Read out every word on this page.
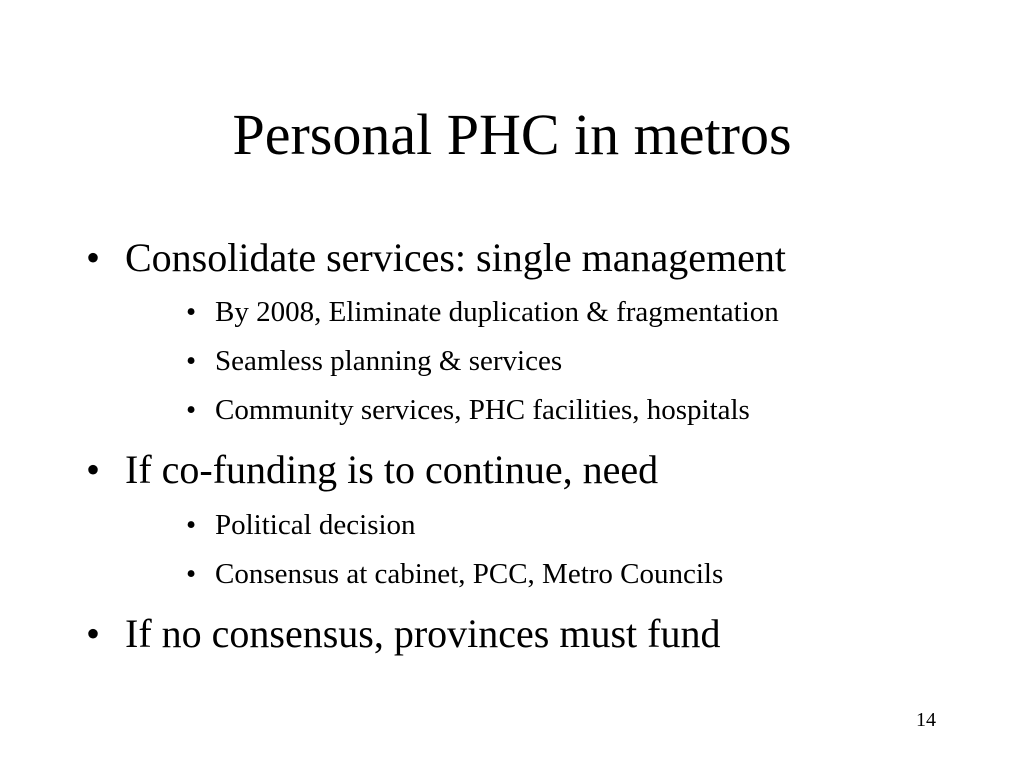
Personal PHC in metros
• Consolidate services: single management
• By 2008, Eliminate duplication & fragmentation
• Seamless planning & services
• Community services, PHC facilities, hospitals
• If co-funding is to continue, need
• Political decision
• Consensus at cabinet, PCC, Metro Councils
• If no consensus, provinces must fund
14
